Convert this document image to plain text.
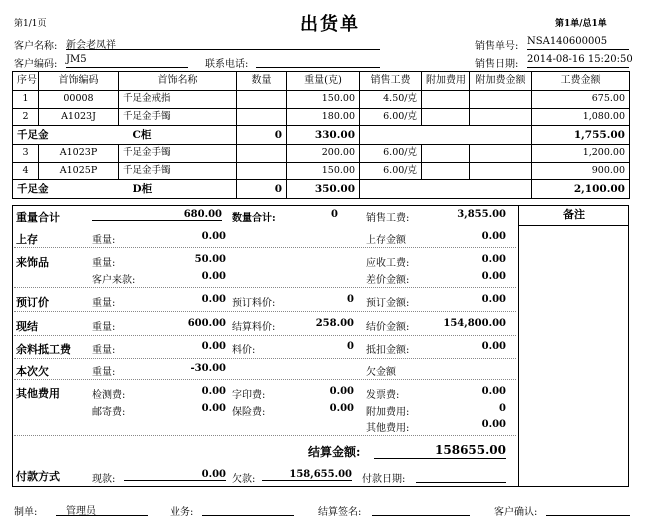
第1/1页	出货单	第1单/总1单
客户名称: 新会老凤祥	销售单号: NSA140600005
客户编码: JM5	联系电话:	销售日期: 2014-08-16 15:20:50
序号	首饰编码	首饰名称	数量	重量(克)	销售工费	附加费用	附加费金额	工费金额
1	00008	千足金戒指		150.00	4.50/克			675.00
2	A1023J	千足金手镯		180.00	6.00/克			1,080.00
千足金		C柜	0	330.00				1,755.00
3	A1023P	千足金手镯		200.00	6.00/克			1,200.00
4	A1025P	千足金手镯		150.00	6.00/克			900.00
千足金		D柜	0	350.00				2,100.00
备注
重量合计	680.00 数量合计:	0	销售工费:	3,855.00
上存	重量:	0.00	上存金额	0.00
来饰品	重量:	50.00	应收工费:	0.00
客户来款:	0.00	差价金额:	0.00
预订价	重量:	0.00 预订料价:	0 预订金额:	0.00
现结	重量:	600.00 结算料价:	258.00 结价金额:	154,800.00
余料抵工费 重量:	0.00 料价:	0 抵扣金额:	0.00
本次欠	重量:	-30.00	欠金额
其他费用	检测费:	0.00 字印费:	0.00 发票费:	0.00
邮寄费:	0.00 保险费:	0.00 附加费用:	0
其他费用:	0.00
结算金额:	158655.00
付款方式	现款:	0.00 欠款:	158,655.00 付款日期:
制单:	管理员	业务:	结算签名:	客户确认:
